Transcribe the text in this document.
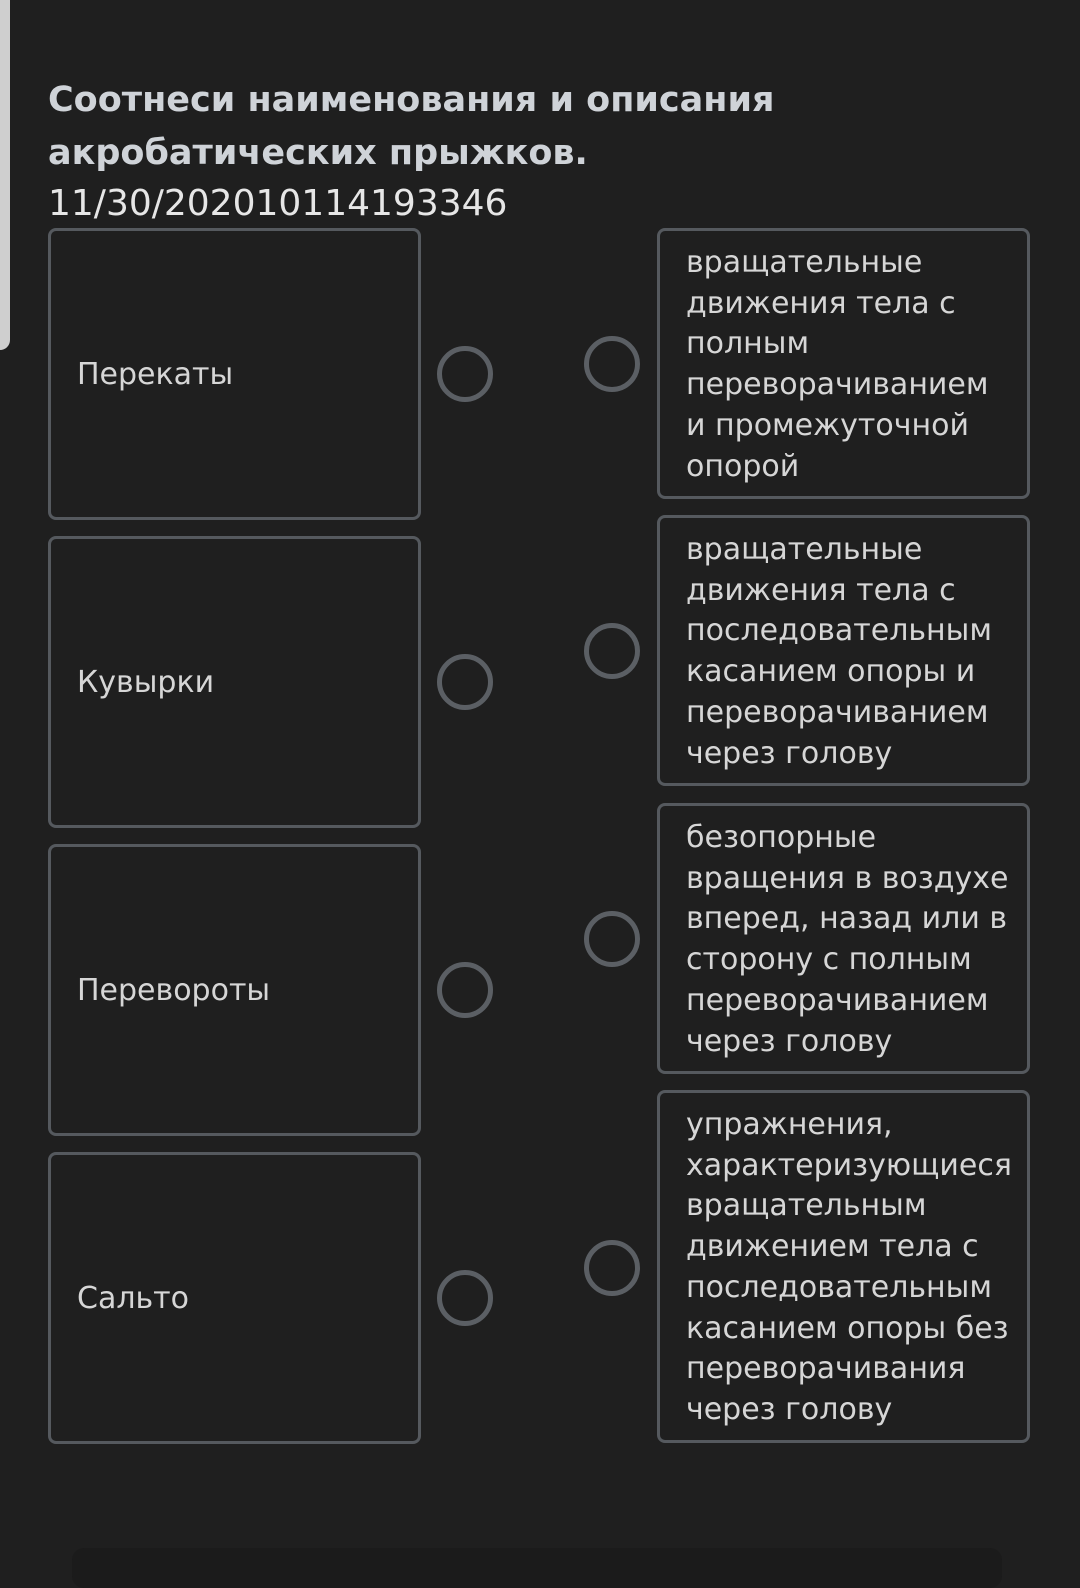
Соотнеси наименования и описания акробатических прыжков.
11/30/202010114193346
Перекаты
Кувырки
Перевороты
Сальто
вращательные движения тела с полным переворачиванием и промежуточной опорой
вращательные движения тела с последовательным касанием опоры и переворачиванием через голову
безопорные вращения в воздухе вперед, назад или в сторону с полным переворачиванием через голову
упражнения, характеризующиеся вращательным движением тела с последовательным касанием опоры без переворачивания через голову
